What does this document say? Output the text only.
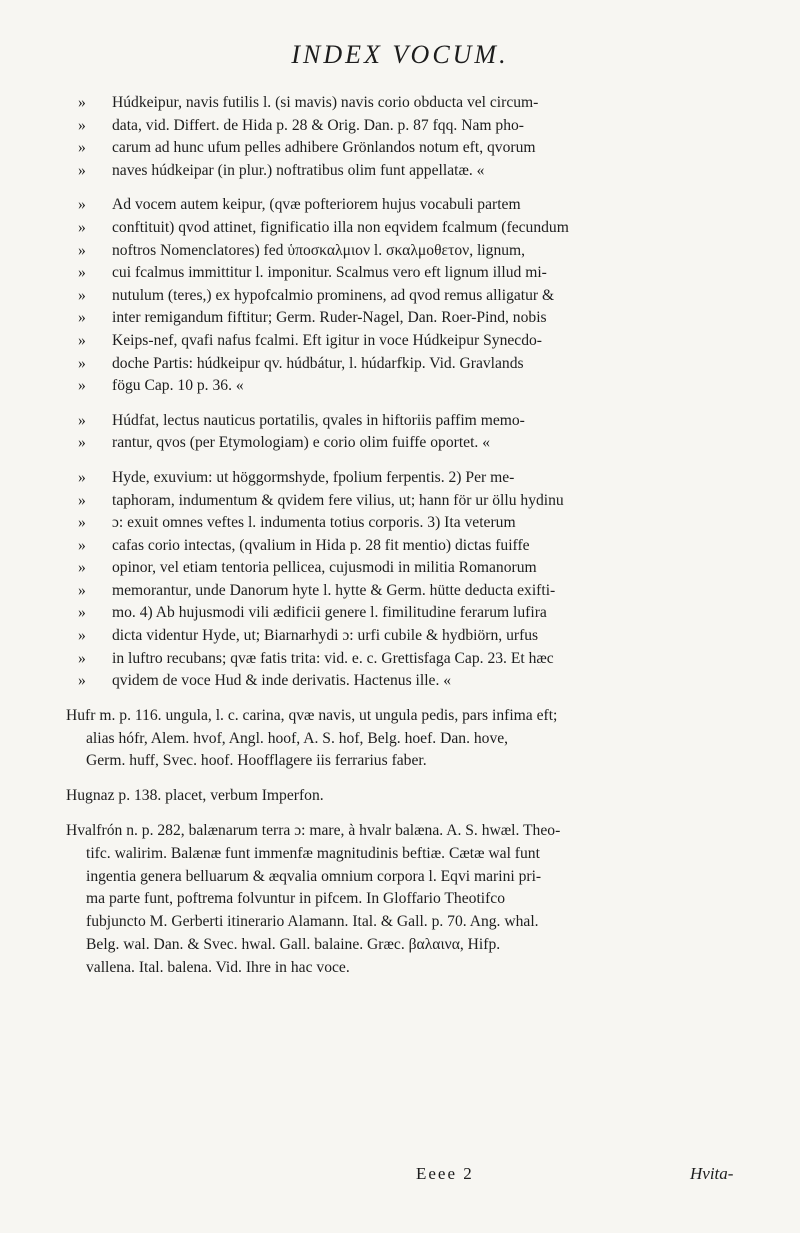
INDEX VOCUM.

» Húdkeipur, navis futilis l. (si mavis) navis corio obducta vel circum-

» data, vid. Differt. de Hida p. 28 & Orig. Dan. p. 87 fqq. Nam pho-

» carum ad hunc ufum pelles adhibere Grönlandos notum eft, qvorum

» naves húdkeipar (in plur.) noftratibus olim funt appellatæ. «

» Ad vocem autem keipur, (qvæ pofteriorem hujus vocabuli partem

» conftituit) qvod attinet, fignificatio illa non eqvidem fcalmum (fecundum

» noftros Nomenclatores) fed ὑποσκαλμιον l. σκαλμοθετον, lignum,

» cui fcalmus immittitur l. imponitur. Scalmus vero eft lignum illud mi-

» nutulum (teres,) ex hypofcalmio prominens, ad qvod remus alligatur &

» inter remigandum fiftitur; Germ. Ruder-Nagel, Dan. Roer-Pind, nobis

» Keips-nef, qvafi nafus fcalmi. Eft igitur in voce Húdkeipur Synecdo-

» doche Partis: húdkeipur qv. húdbátur, l. húdarfkip. Vid. Gravlands

» fögu Cap. 10 p. 36. «

» Húdfat, lectus nauticus portatilis, qvales in hiftoriis paffim memo-

» rantur, qvos (per Etymologiam) e corio olim fuiffe oportet. «

» Hyde, exuvium: ut höggormshyde, fpolium ferpentis. 2) Per me-

» taphoram, indumentum & qvidem fere vilius, ut; hann för ur öllu hydinu

» ɔ: exuit omnes veftes l. indumenta totius corporis. 3) Ita veterum

» cafas corio intectas, (qvalium in Hida p. 28 fit mentio) dictas fuiffe

» opinor, vel etiam tentoria pellicea, cujusmodi in militia Romanorum

» memorantur, unde Danorum hyte l. hytte & Germ. hütte deducta exifti-

» mo. 4) Ab hujusmodi vili ædificii genere l. fimilitudine ferarum lufira

» dicta videntur Hyde, ut; Biarnarhydi ɔ: urfi cubile & hydbiörn, urfus

» in luftro recubans; qvæ fatis trita: vid. e. c. Grettisfaga Cap. 23. Et hæc

» qvidem de voce Hud & inde derivatis. Hactenus ille. «

Hufr m. p. 116. ungula, l. c. carina, qvæ navis, ut ungula pedis, pars infima eft;

alias hófr, Alem. hvof, Angl. hoof, A. S. hof, Belg. hoef. Dan. hove,

Germ. huff, Svec. hoof. Hoofflagere iis ferrarius faber.

Hugnaz p. 138. placet, verbum Imperfon.

Hvalfrón n. p. 282, balænarum terra ɔ: mare, à hvalr balæna. A. S. hwæl. Theo-

tifc. walirim. Balænæ funt immenfæ magnitudinis beftiæ. Cætæ wal funt

ingentia genera belluarum & æqvalia omnium corpora l. Eqvi marini pri-

ma parte funt, poftrema folvuntur in pifcem. In Gloffario Theotifco

fubjuncto M. Gerberti itinerario Alamann. Ital. & Gall. p. 70. Ang. whal.

Belg. wal. Dan. & Svec. hwal. Gall. balaine. Græc. βαλαινα, Hifp.

vallena. Ital. balena. Vid. Ihre in hac voce.

Eeee 2	Hvita-
